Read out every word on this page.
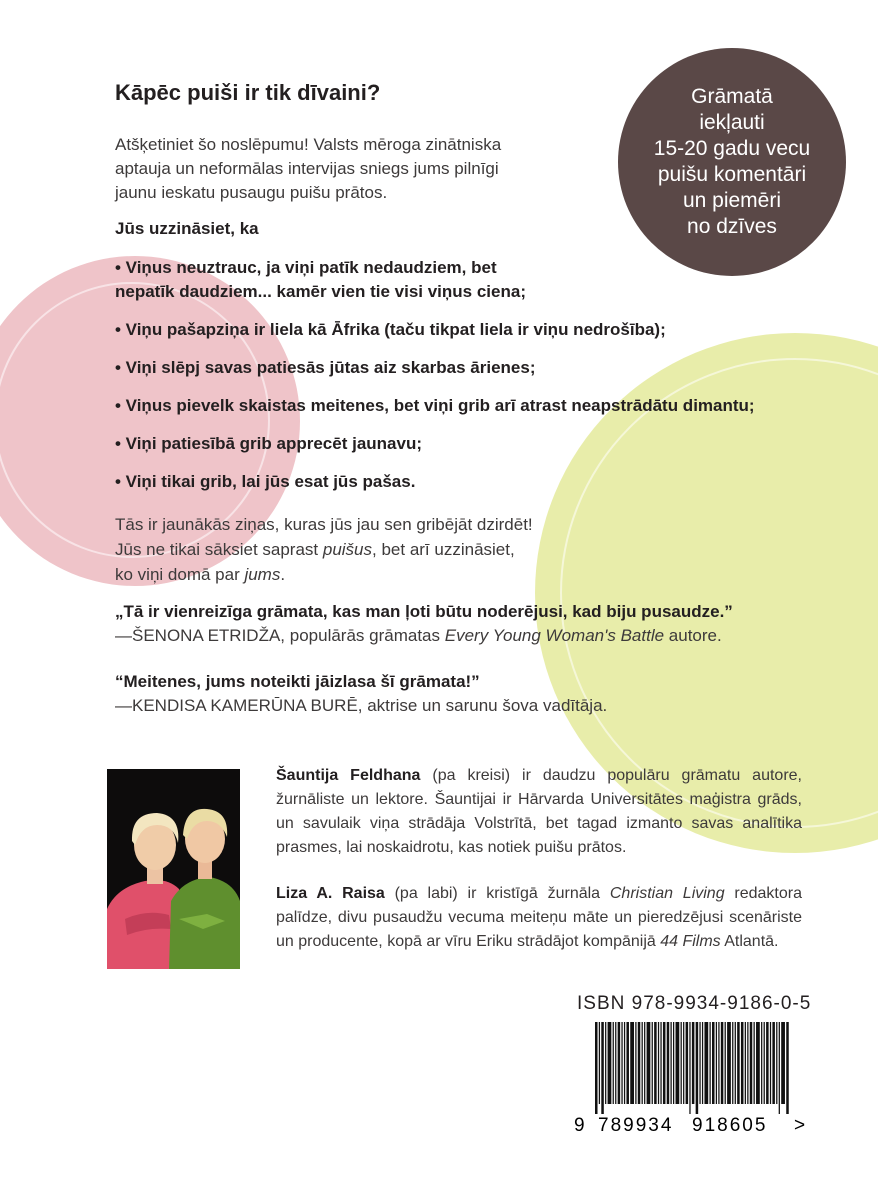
Grāmatā
iekļauti
15-20 gadu vecu
puišu komentāri
un piemēri
no dzīves
Kāpēc puiši ir tik dīvaini?
Atšķetiniet šo noslēpumu! Valsts mēroga zinātniska aptauja un neformālas intervijas sniegs jums pilnīgi jaunu ieskatu pusaugu puišu prātos.
Jūs uzzināsiet, ka
• Viņus neuztrauc, ja viņi patīk nedaudziem, bet
nepatīk daudziem... kamēr vien tie visi viņus ciena;
• Viņu pašapziņa ir liela kā Āfrika (taču tikpat liela ir viņu nedrošība);
• Viņi slēpj savas patiesās jūtas aiz skarbas ārienes;
• Viņus pievelk skaistas meitenes, bet viņi grib arī atrast neapstrādātu dimantu;
• Viņi patiesībā grib apprecēt jaunavu;
• Viņi tikai grib, lai jūs esat jūs pašas.
Tās ir jaunākās ziņas, kuras jūs jau sen gribējāt dzirdēt!
Jūs ne tikai sāksiet saprast puišus, bet arī uzzināsiet,
ko viņi domā par jums.
„Tā ir vienreizīga grāmata, kas man ļoti būtu noderējusi, kad biju pusaudze.”
—ŠENONA ETRIDŽA, populārās grāmatas Every Young Woman's Battle autore.
“Meitenes, jums noteikti jāizlasa šī grāmata!”
—KENDISA KAMERŪNA BURĒ, aktrise un sarunu šova vadītāja.
Šauntija Feldhana (pa kreisi) ir daudzu populāru grāmatu autore, žurnāliste un lektore. Šauntijai ir Hārvarda Universitātes maģistra grāds, un savulaik viņa strādāja Volstrītā, bet tagad izmanto savas analītika prasmes, lai noskaidrotu, kas notiek puišu prātos.
Liza A. Raisa (pa labi) ir kristīgā žurnāla Christian Living redaktora palīdze, divu pusaudžu vecuma meiteņu māte un pieredzējusi scenāriste un producente, kopā ar vīru Eriku strādājot kompānijā 44 Films Atlantā.
ISBN 978-9934-9186-0-5
9 789934 918605 >
